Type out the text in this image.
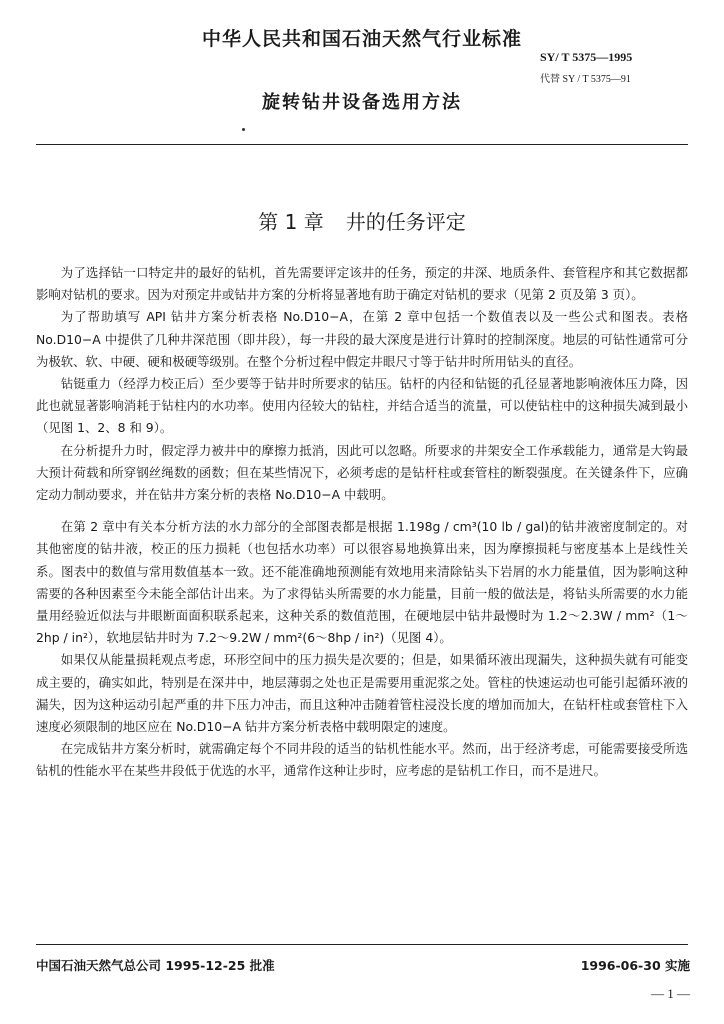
中华人民共和国石油天然气行业标准
SY/ T 5375—1995
代替 SY / T 5375—91
旋转钻井设备选用方法
第 1 章 井的任务评定

为了选择钻一口特定井的最好的钻机，首先需要评定该井的任务，预定的井深、地质条件、套管程序和其它数据都影响对钻机的要求。因为对预定井或钻井方案的分析将显著地有助于确定对钻机的要求（见第 2 页及第 3 页）。

为了帮助填写 API 钻井方案分析表格 No.D10−A，在第 2 章中包括一个数值表以及一些公式和图表。表格 No.D10−A 中提供了几种井深范围（即井段），每一井段的最大深度是进行计算时的控制深度。地层的可钻性通常可分为极软、软、中硬、硬和极硬等级别。在整个分析过程中假定井眼尺寸等于钻井时所用钻头的直径。

钻铤重力（经浮力校正后）至少要等于钻井时所要求的钻压。钻杆的内径和钻铤的孔径显著地影响液体压力降，因此也就显著影响消耗于钻柱内的水功率。使用内径较大的钻柱，并结合适当的流量，可以使钻柱中的这种损失减到最小（见图 1、2、8 和 9）。

在分析提升力时，假定浮力被井中的摩擦力抵消，因此可以忽略。所要求的井架安全工作承载能力，通常是大钩最大预计荷载和所穿钢丝绳数的函数；但在某些情况下，必须考虑的是钻杆柱或套管柱的断裂强度。在关键条件下，应确定动力制动要求，并在钻井方案分析的表格 No.D10−A 中载明。

在第 2 章中有关本分析方法的水力部分的全部图表都是根据 1.198g / cm³(10 lb / gal)的钻井液密度制定的。对其他密度的钻井液，校正的压力损耗（也包括水功率）可以很容易地换算出来，因为摩擦损耗与密度基本上是线性关系。图表中的数值与常用数值基本一致。还不能准确地预测能有效地用来清除钻头下岩屑的水力能量值，因为影响这种需要的各种因素至今未能全部估计出来。为了求得钻头所需要的水力能量，目前一般的做法是，将钻头所需要的水力能量用经验近似法与井眼断面面积联系起来，这种关系的数值范围，在硬地层中钻井最慢时为 1.2～2.3W / mm²（1～2hp / in²），软地层钻井时为 7.2～9.2W / mm²(6～8hp / in²)（见图 4）。

如果仅从能量损耗观点考虑，环形空间中的压力损失是次要的；但是，如果循环液出现漏失，这种损失就有可能变成主要的，确实如此，特别是在深井中，地层薄弱之处也正是需要用重泥浆之处。管柱的快速运动也可能引起循环液的漏失，因为这种运动引起严重的井下压力冲击，而且这种冲击随着管柱浸没长度的增加而加大，在钻杆柱或套管柱下入速度必须限制的地区应在 No.D10−A 钻井方案分析表格中载明限定的速度。

在完成钻井方案分析时，就需确定每个不同井段的适当的钻机性能水平。然而，出于经济考虑，可能需要接受所选钻机的性能水平在某些井段低于优选的水平，通常作这种让步时，应考虑的是钻机工作日，而不是进尺。

中国石油天然气总公司 1995-12-25 批准	1996-06-30 实施
— 1 —
